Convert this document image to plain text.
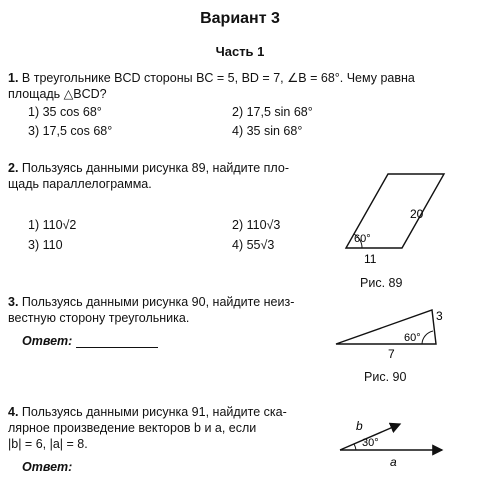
Вариант 3
Часть 1
1. В треугольнике BCD стороны BC = 5, BD = 7, ∠B = 68°. Чему равна
площадь △BCD?
1) 35 cos 68°	2) 17,5 sin 68°
3) 17,5 cos 68°	4) 35 sin 68°
2. Пользуясь данными рисунка 89, найдите пло-
щадь параллелограмма.
1) 110√2	2) 110√3
3) 110	4) 55√3	60°
20
11
Рис. 89
3. Пользуясь данными рисунка 90, найдите неиз-
вестную сторону треугольника.
Ответ:	60°
3
7
Рис. 90
4. Пользуясь данными рисунка 91, найдите ска-
лярное произведение векторов b и a, если
|b| = 6, |a| = 8.
Ответ:
30°
b
a
